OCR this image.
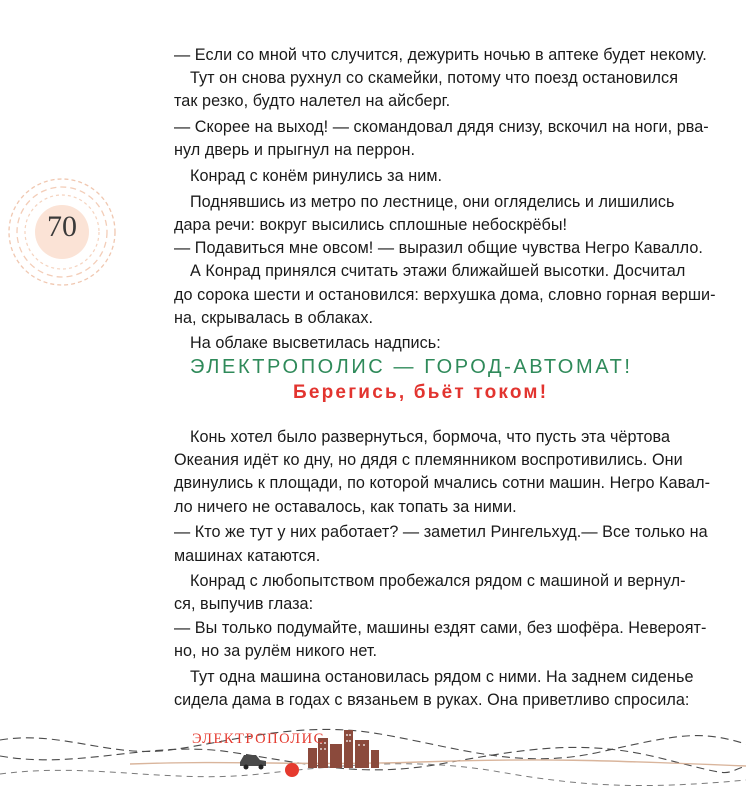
70

— Если со мной что случится, дежурить ночью в аптеке будет некому.

Тут он снова рухнул со скамейки, потому что поезд остановился

так резко, будто налетел на айсберг.

— Скорее на выход! — скомандовал дядя снизу, вскочил на ноги, рва-

нул дверь и прыгнул на перрон.

Конрад с конём ринулись за ним.

Поднявшись из метро по лестнице, они огляделись и лишились

дара речи: вокруг высились сплошные небоскрёбы!

— Подавиться мне овсом! — выразил общие чувства Негро Кавалло.

А Конрад принялся считать этажи ближайшей высотки. Досчитал

до сорока шести и остановился: верхушка дома, словно горная верши-

на, скрывалась в облаках.

На облаке высветилась надпись:

ЭЛЕКТРОПОЛИС — ГОРОД-АВТОМАТ!
Берегись, бьёт током!

Конь хотел было развернуться, бормоча, что пусть эта чёртова

Океания идёт ко дну, но дядя с племянником воспротивились. Они

двинулись к площади, по которой мчались сотни машин. Негро Кавал-

ло ничего не оставалось, как топать за ними.

— Кто же тут у них работает? — заметил Рингельхуд.— Все только на

машинах катаются.

Конрад с любопытством пробежался рядом с машиной и вернул-

ся, выпучив глаза:

— Вы только подумайте, машины ездят сами, без шофёра. Невероят-

но, но за рулём никого нет.

Тут одна машина остановилась рядом с ними. На заднем сиденье

сидела дама в годах с вязаньем в руках. Она приветливо спросила:

ЭЛЕКТРОПОЛИС
